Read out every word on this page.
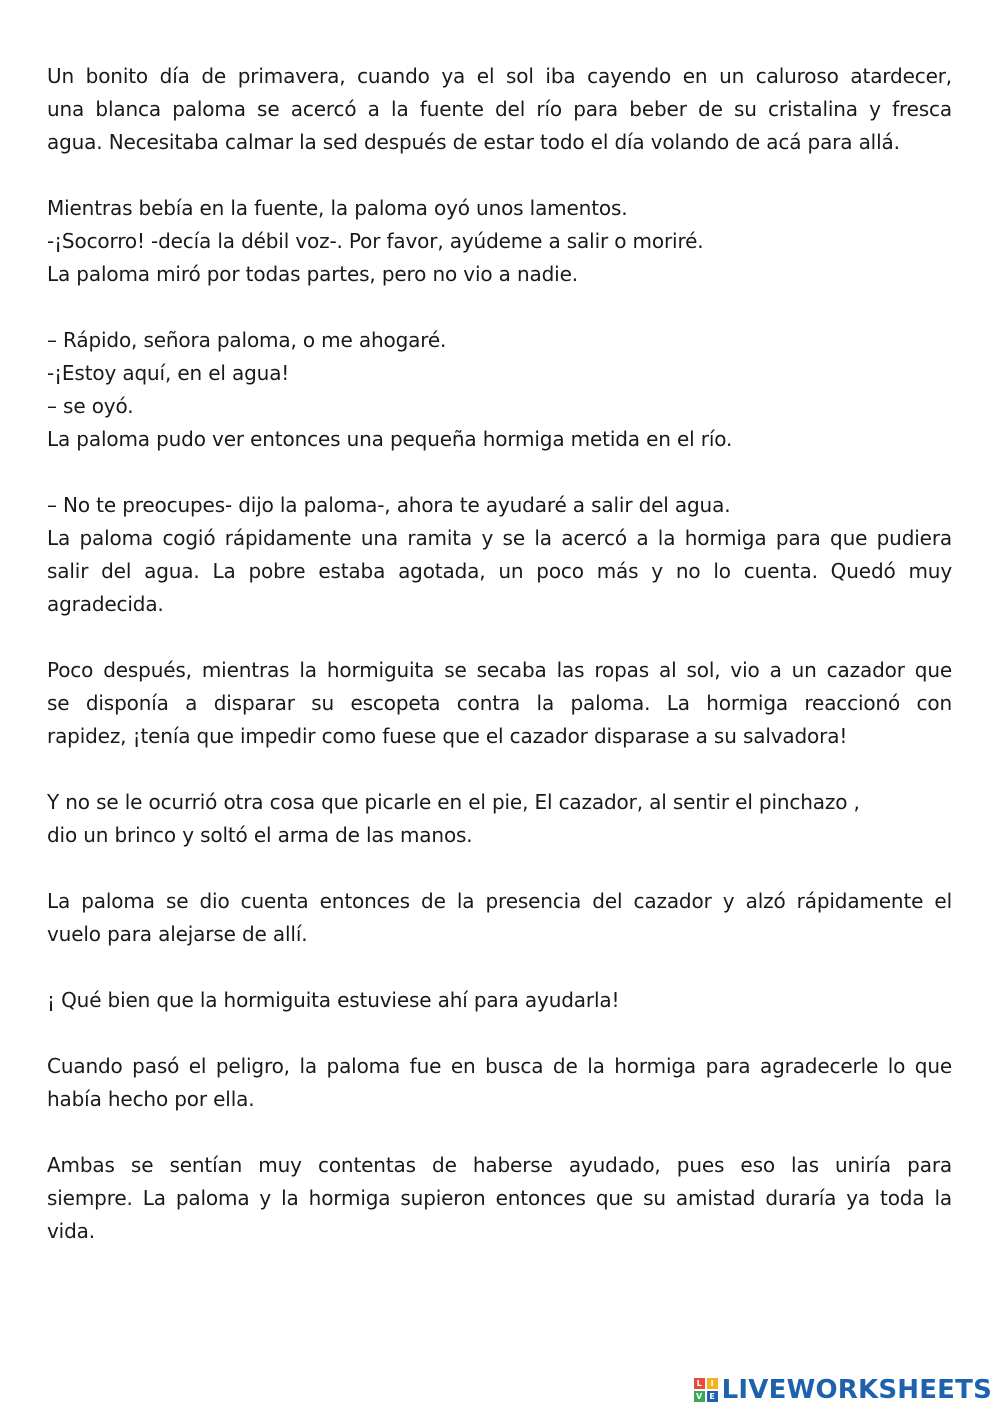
Un bonito día de primavera, cuando ya el sol iba cayendo en un caluroso atardecer,
una blanca paloma se acercó a la fuente del río para beber de su cristalina y fresca
agua. Necesitaba calmar la sed después de estar todo el día volando de acá para allá.
Mientras bebía en la fuente, la paloma oyó unos lamentos.
-¡Socorro! -decía la débil voz-. Por favor, ayúdeme a salir o moriré.
La paloma miró por todas partes, pero no vio a nadie.
– Rápido, señora paloma, o me ahogaré.
-¡Estoy aquí, en el agua!
– se oyó.
La paloma pudo ver entonces una pequeña hormiga metida en el río.
– No te preocupes- dijo la paloma-, ahora te ayudaré a salir del agua.
La paloma cogió rápidamente una ramita y se la acercó a la hormiga para que pudiera
salir del agua. La pobre estaba agotada, un poco más y no lo cuenta. Quedó muy
agradecida.
Poco después, mientras la hormiguita se secaba las ropas al sol, vio a un cazador que
se disponía a disparar su escopeta contra la paloma. La hormiga reaccionó con
rapidez, ¡tenía que impedir como fuese que el cazador disparase a su salvadora!
Y no se le ocurrió otra cosa que picarle en el pie, El cazador, al sentir el pinchazo ,
dio un brinco y soltó el arma de las manos.
La paloma se dio cuenta entonces de la presencia del cazador y alzó rápidamente el
vuelo para alejarse de allí.
¡ Qué bien que la hormiguita estuviese ahí para ayudarla!
Cuando pasó el peligro, la paloma fue en busca de la hormiga para agradecerle lo que
había hecho por ella.
Ambas se sentían muy contentas de haberse ayudado, pues eso las uniría para
siempre. La paloma y la hormiga supieron entonces que su amistad duraría ya toda la
vida.
L	I
V E LIVEWORKSHEETS
